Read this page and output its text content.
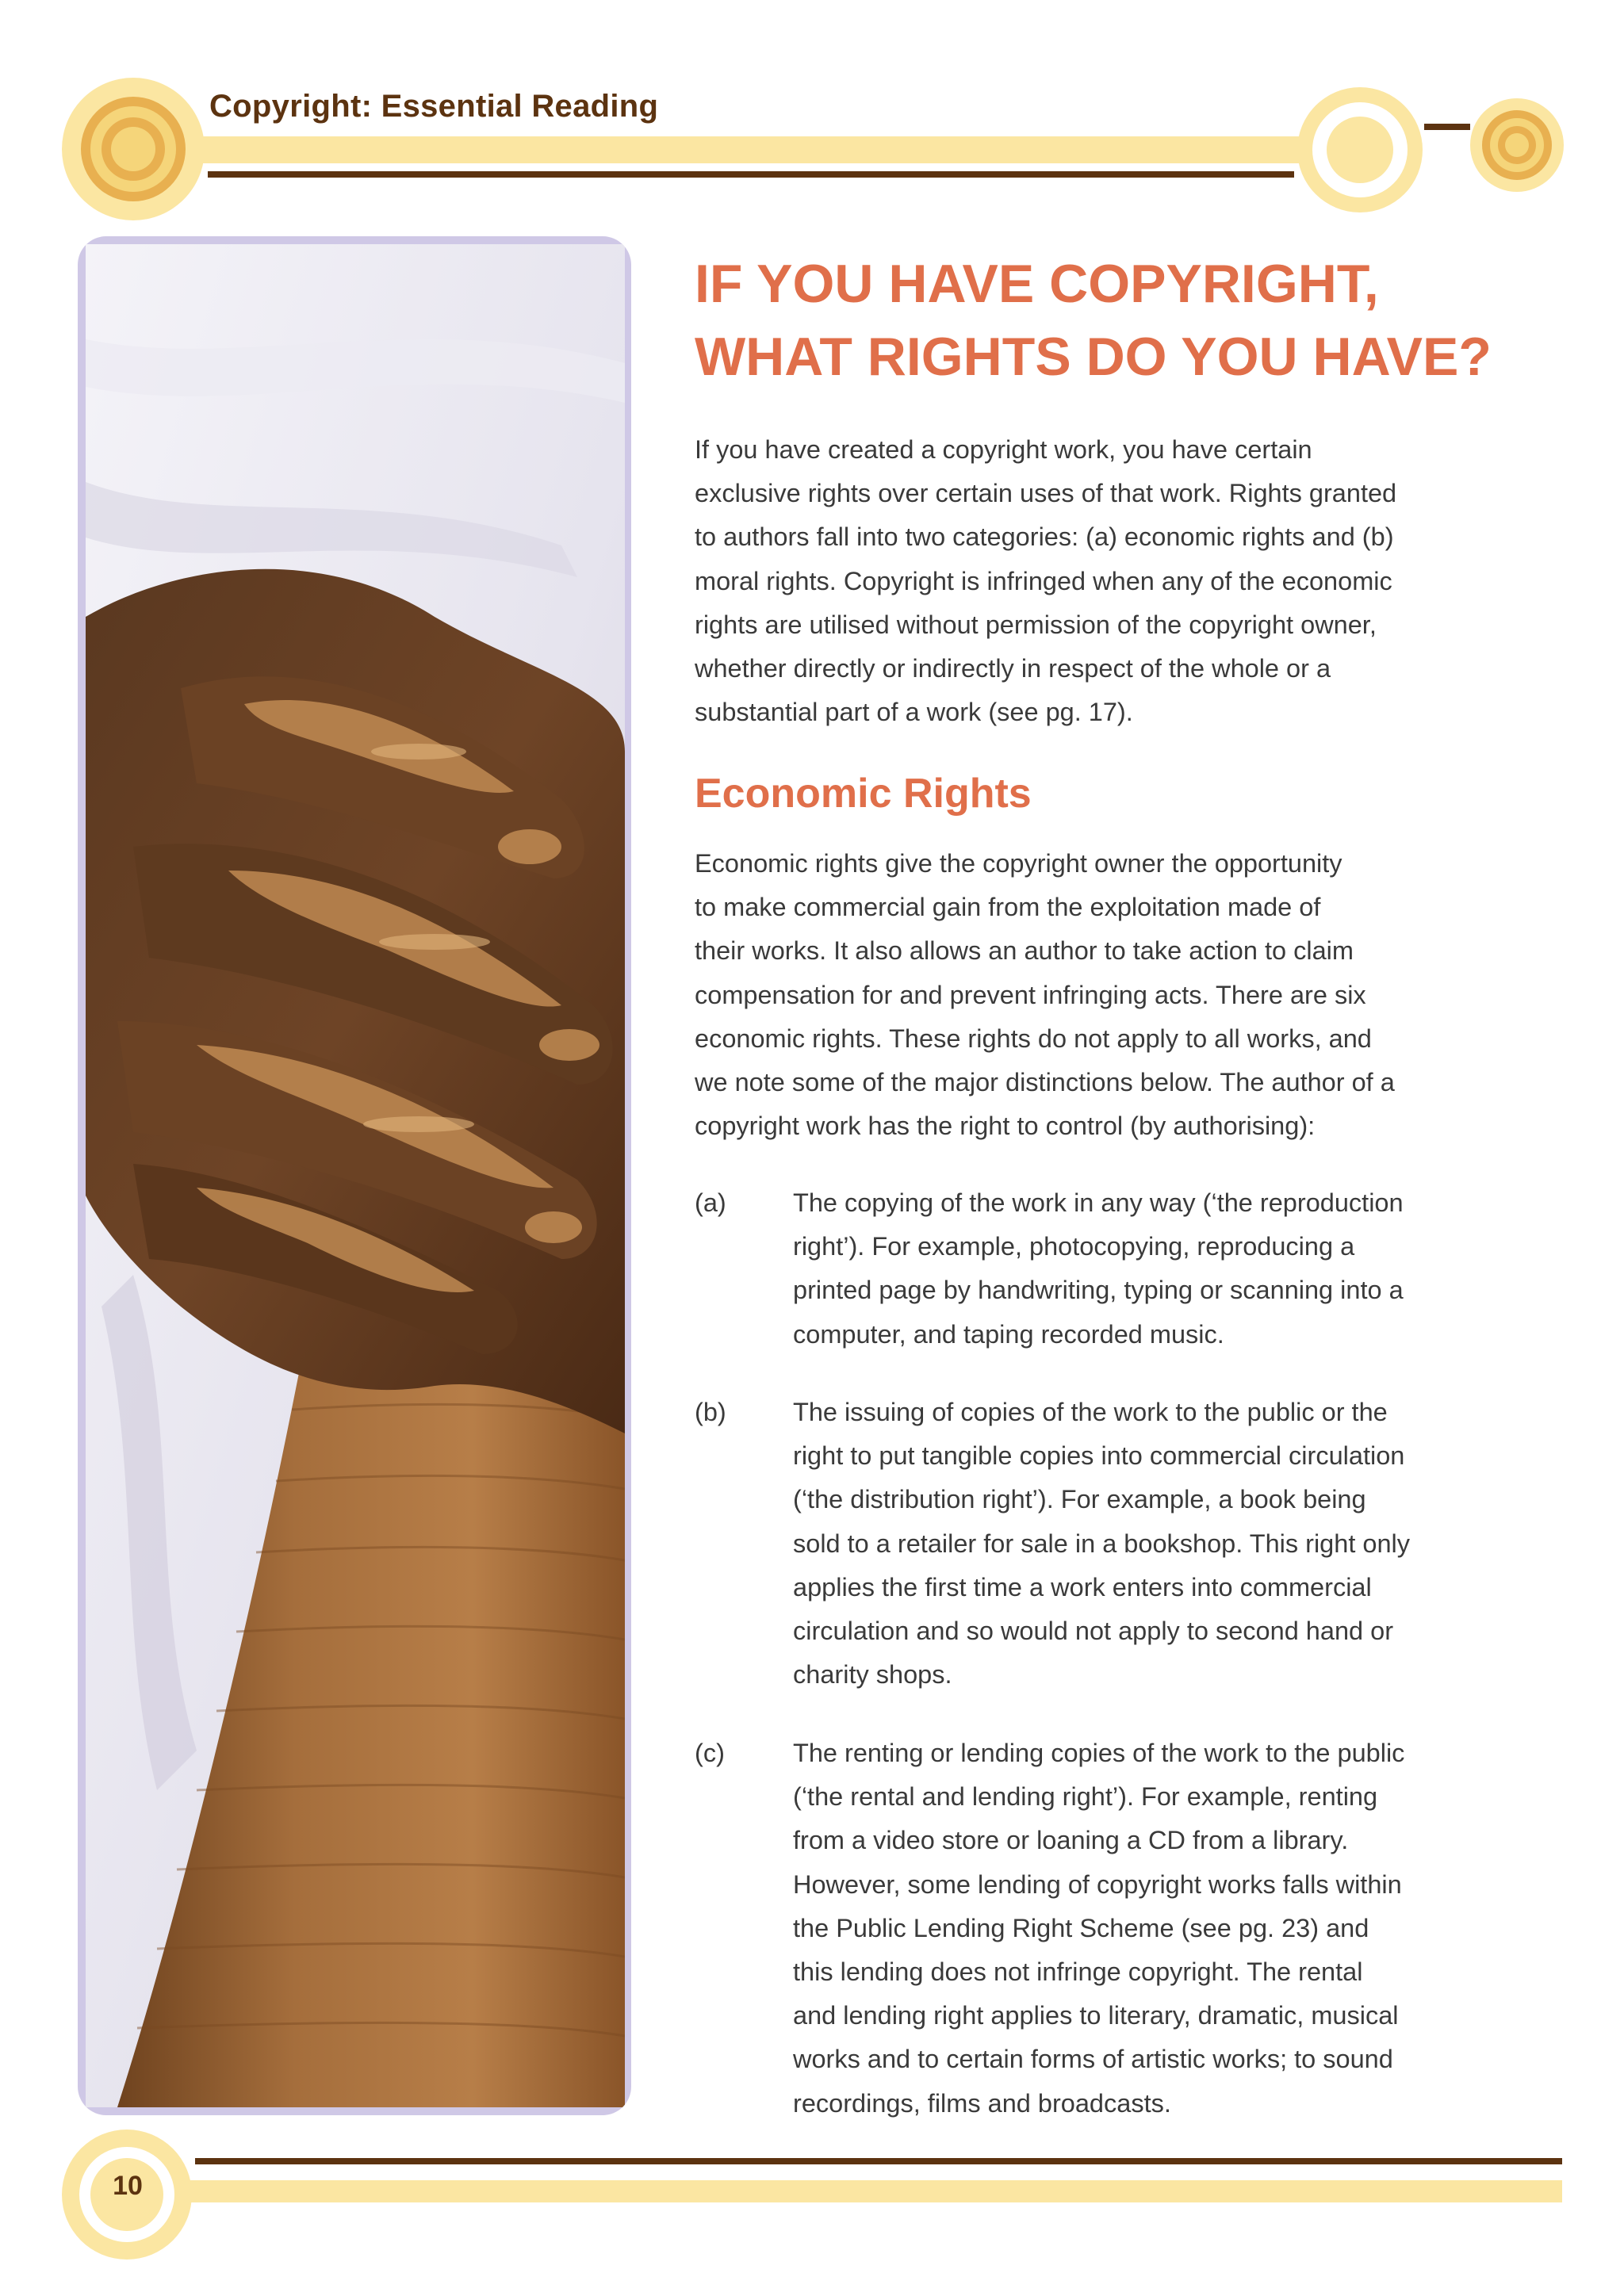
Copyright: Essential Reading
IF YOU HAVE COPYRIGHT,
WHAT RIGHTS DO YOU HAVE?

If you have created a copyright work, you have certain
exclusive rights over certain uses of that work. Rights granted
to authors fall into two categories: (a) economic rights and (b)
moral rights. Copyright is infringed when any of the economic
rights are utilised without permission of the copyright owner,
whether directly or indirectly in respect of the whole or a
substantial part of a work (see pg. 17).

Economic Rights

Economic rights give the copyright owner the opportunity
to make commercial gain from the exploitation made of
their works. It also allows an author to take action to claim
compensation for and prevent infringing acts. There are six
economic rights. These rights do not apply to all works, and
we note some of the major distinctions below. The author of a
copyright work has the right to control (by authorising):

(a)	The copying of the work in any way (‘the reproduction
right’). For example, photocopying, reproducing a
printed page by handwriting, typing or scanning into a
computer, and taping recorded music.
(b)	The issuing of copies of the work to the public or the
right to put tangible copies into commercial circulation
(‘the distribution right’). For example, a book being
sold to a retailer for sale in a bookshop. This right only
applies the first time a work enters into commercial
circulation and so would not apply to second hand or
charity shops.
(c)	The renting or lending copies of the work to the public
(‘the rental and lending right’). For example, renting
from a video store or loaning a CD from a library.
However, some lending of copyright works falls within
the Public Lending Right Scheme (see pg. 23) and
this lending does not infringe copyright. The rental
and lending right applies to literary, dramatic, musical
works and to certain forms of artistic works; to sound
recordings, films and broadcasts.
10
